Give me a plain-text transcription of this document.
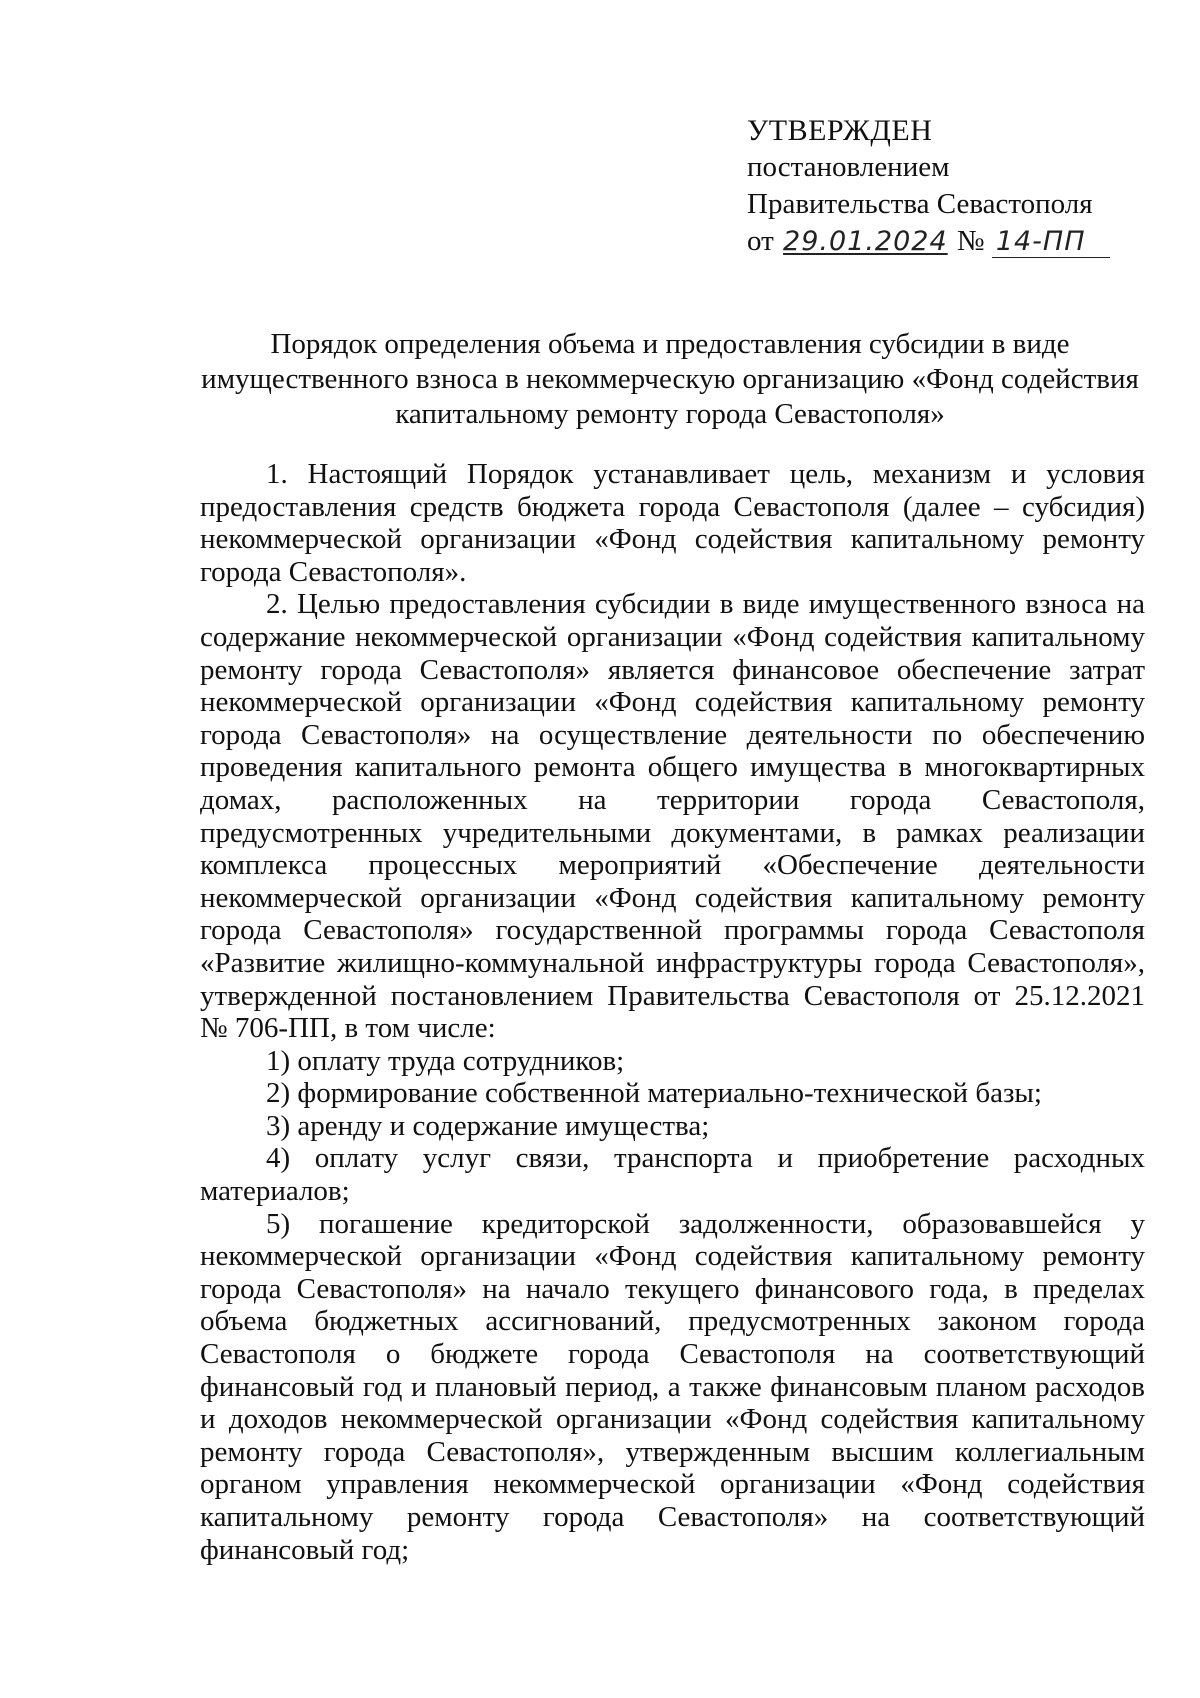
УТВЕРЖДЕН
постановлением
Правительства Севастополя
от 29.01.2024 № 14-ПП
Порядок определения объема и предоставления субсидии в виде
имущественного взноса в некоммерческую организацию «Фонд содействия
капитальному ремонту города Севастополя»

1. Настоящий Порядок устанавливает цель, механизм и условия предоставления средств бюджета города Севастополя (далее – субсидия) некоммерческой организации «Фонд содействия капитальному ремонту города Севастополя».

2. Целью предоставления субсидии в виде имущественного взноса на содержание некоммерческой организации «Фонд содействия капитальному ремонту города Севастополя» является финансовое обеспечение затрат некоммерческой организации «Фонд содействия капитальному ремонту города Севастополя» на осуществление деятельности по обеспечению проведения капитального ремонта общего имущества в многоквартирных домах, расположенных на территории города Севастополя, предусмотренных учредительными документами, в рамках реализации комплекса процессных мероприятий «Обеспечение деятельности некоммерческой организации «Фонд содействия капитальному ремонту города Севастополя» государственной программы города Севастополя «Развитие жилищно-коммунальной инфраструктуры города Севастополя», утвержденной постановлением Правительства Севастополя от 25.12.2021 № 706-ПП, в том числе:

1) оплату труда сотрудников;

2) формирование собственной материально-технической базы;

3) аренду и содержание имущества;

4) оплату услуг связи, транспорта и приобретение расходных материалов;

5) погашение кредиторской задолженности, образовавшейся у некоммерческой организации «Фонд содействия капитальному ремонту города Севастополя» на начало текущего финансового года, в пределах объема бюджетных ассигнований, предусмотренных законом города Севастополя о бюджете города Севастополя на соответствующий финансовый год и плановый период, а также финансовым планом расходов и доходов некоммерческой организации «Фонд содействия капитальному ремонту города Севастополя», утвержденным высшим коллегиальным органом управления некоммерческой организации «Фонд содействия капитальному ремонту города Севастополя» на соответствующий финансовый год;
